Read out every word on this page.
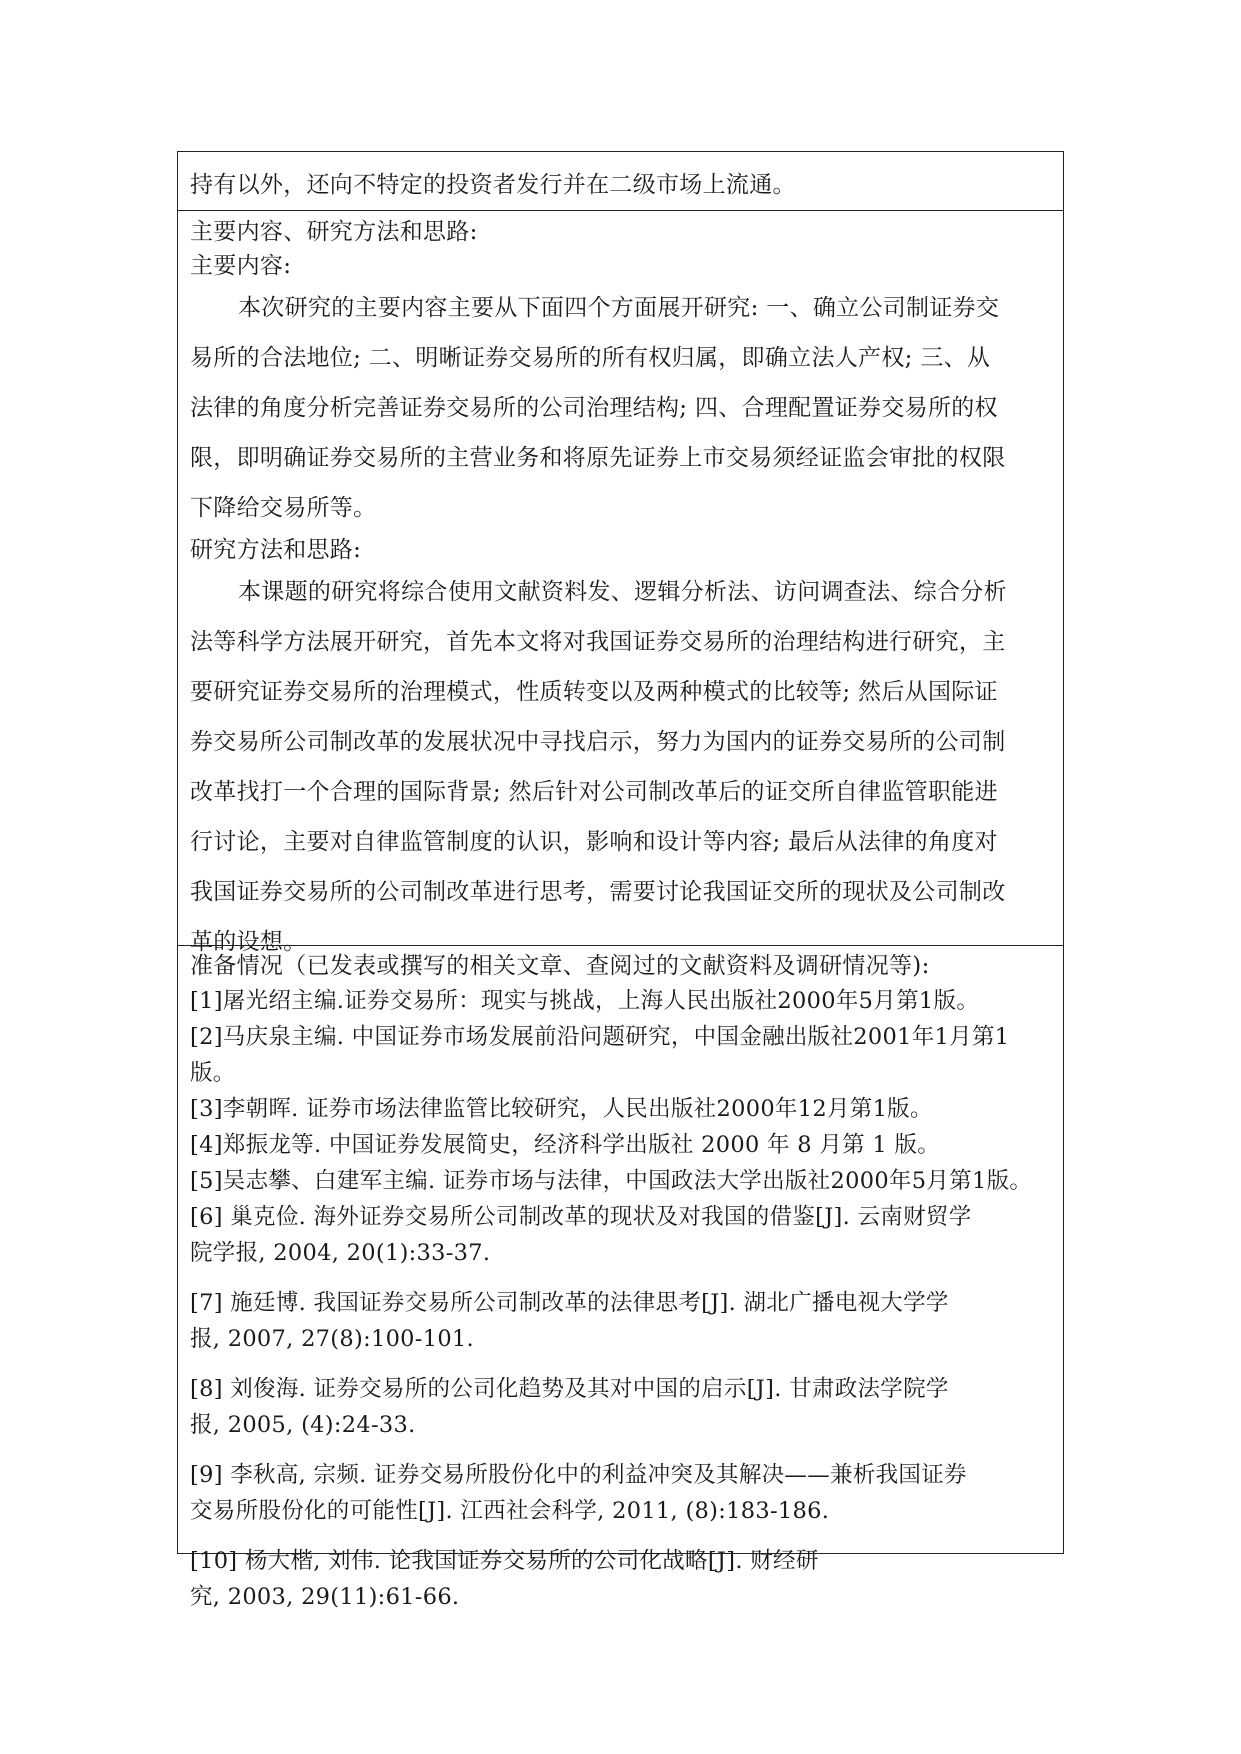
持有以外，还向不特定的投资者发行并在二级市场上流通。
主要内容、研究方法和思路:
主要内容:
本次研究的主要内容主要从下面四个方面展开研究: 一、确立公司制证券交
易所的合法地位; 二、明晰证券交易所的所有权归属，即确立法人产权; 三、从
法律的角度分析完善证券交易所的公司治理结构; 四、合理配置证券交易所的权
限，即明确证券交易所的主营业务和将原先证券上市交易须经证监会审批的权限
下降给交易所等。
研究方法和思路:
本课题的研究将综合使用文献资料发、逻辑分析法、访问调查法、综合分析
法等科学方法展开研究，首先本文将对我国证券交易所的治理结构进行研究，主
要研究证券交易所的治理模式，性质转变以及两种模式的比较等; 然后从国际证
券交易所公司制改革的发展状况中寻找启示，努力为国内的证券交易所的公司制
改革找打一个合理的国际背景; 然后针对公司制改革后的证交所自律监管职能进
行讨论，主要对自律监管制度的认识，影响和设计等内容; 最后从法律的角度对
我国证券交易所的公司制改革进行思考，需要讨论我国证交所的现状及公司制改
革的设想。
准备情况（已发表或撰写的相关文章、查阅过的文献资料及调研情况等):
[1]屠光绍主编.证券交易所：现实与挑战，上海人民出版社2000年5月第1版。
[2]马庆泉主编. 中国证券市场发展前沿问题研究，中国金融出版社2001年1月第1
版。
[3]李朝晖. 证券市场法律监管比较研究，人民出版社2000年12月第1版。
[4]郑振龙等. 中国证券发展简史，经济科学出版社 2000 年 8 月第 1 版。
[5]吴志攀、白建军主编. 证券市场与法律，中国政法大学出版社2000年5月第1版。
[6] 巢克俭. 海外证券交易所公司制改革的现状及对我国的借鉴[J]. 云南财贸学
院学报, 2004, 20(1):33-37.
[7] 施廷博. 我国证券交易所公司制改革的法律思考[J]. 湖北广播电视大学学
报, 2007, 27(8):100-101.
[8] 刘俊海. 证券交易所的公司化趋势及其对中国的启示[J]. 甘肃政法学院学
报, 2005, (4):24-33.
[9] 李秋高, 宗频. 证券交易所股份化中的利益冲突及其解决——兼析我国证券
交易所股份化的可能性[J]. 江西社会科学, 2011, (8):183-186.
[10] 杨大楷, 刘伟. 论我国证券交易所的公司化战略[J]. 财经研
究, 2003, 29(11):61-66.
